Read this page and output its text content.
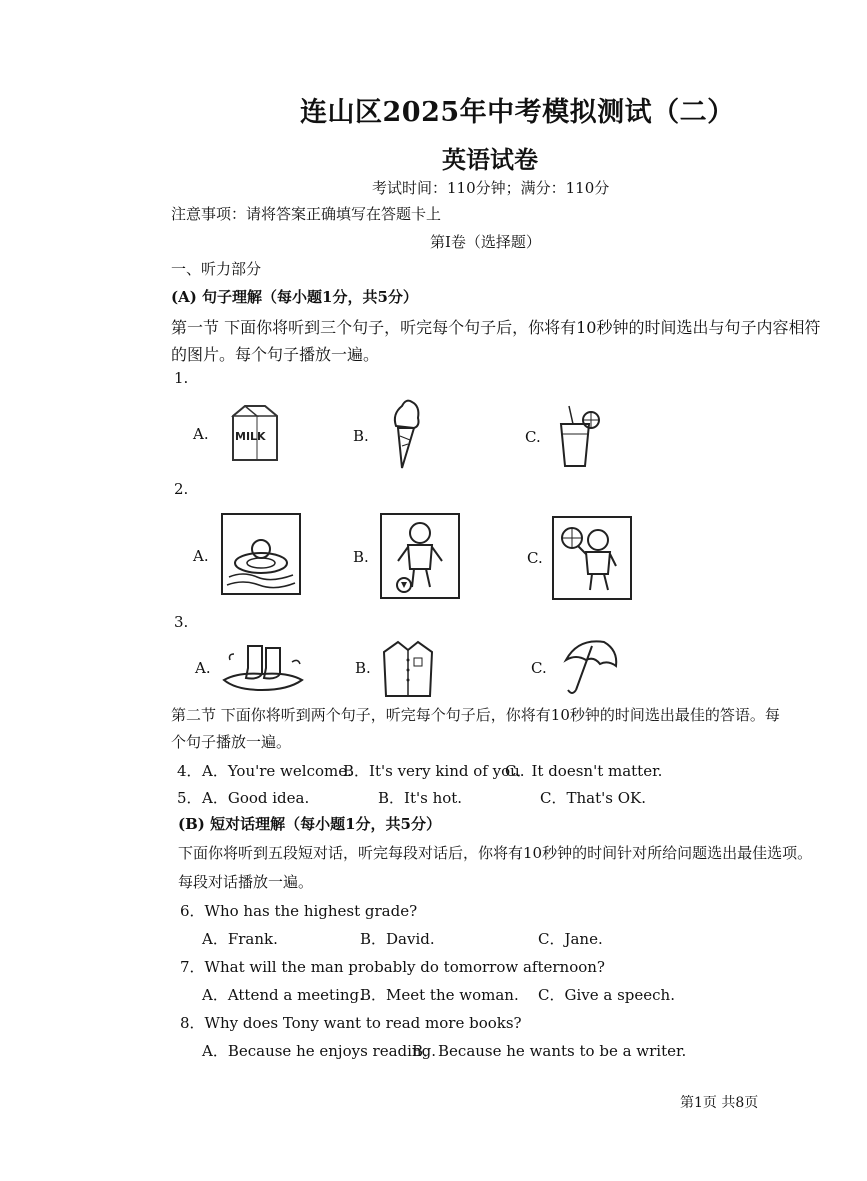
连山区2025年中考模拟测试（二）
英语试卷
考试时间：110分钟；满分：110分
注意事项：请将答案正确填写在答题卡上
第Ⅰ卷（选择题）
一、听力部分
(A) 句子理解（每小题1分，共5分）
第一节 下面你将听到三个句子，听完每个句子后，你将有10秒钟的时间选出与句子内容相符
的图片。每个句子播放一遍。
1.
A. MILK	B.	C.
2.
A.	B.	C.
3.
A.	B.	C.
第二节 下面你将听到两个句子，听完每个句子后，你将有10秒钟的时间选出最佳的答语。每
个句子播放一遍。
4． A．You're welcome.
B．It's very kind of you.
C．It doesn't matter.
5． A．Good idea.	B．It's hot.	C．That's OK.
(B) 短对话理解（每小题1分，共5分）
下面你将听到五段短对话，听完每段对话后，你将有10秒钟的时间针对所给问题选出最佳选项。
每段对话播放一遍。
6．Who has the highest grade?
A．Frank.	B．David.	C．Jane.
7．What will the man probably do tomorrow afternoon?
A．Attend a meeting.
B．Meet the woman. C．Give a speech.
8．Why does Tony want to read more books?
A．Because he enjoys reading.
B．Because he wants to be a writer.
第1页 共8页
